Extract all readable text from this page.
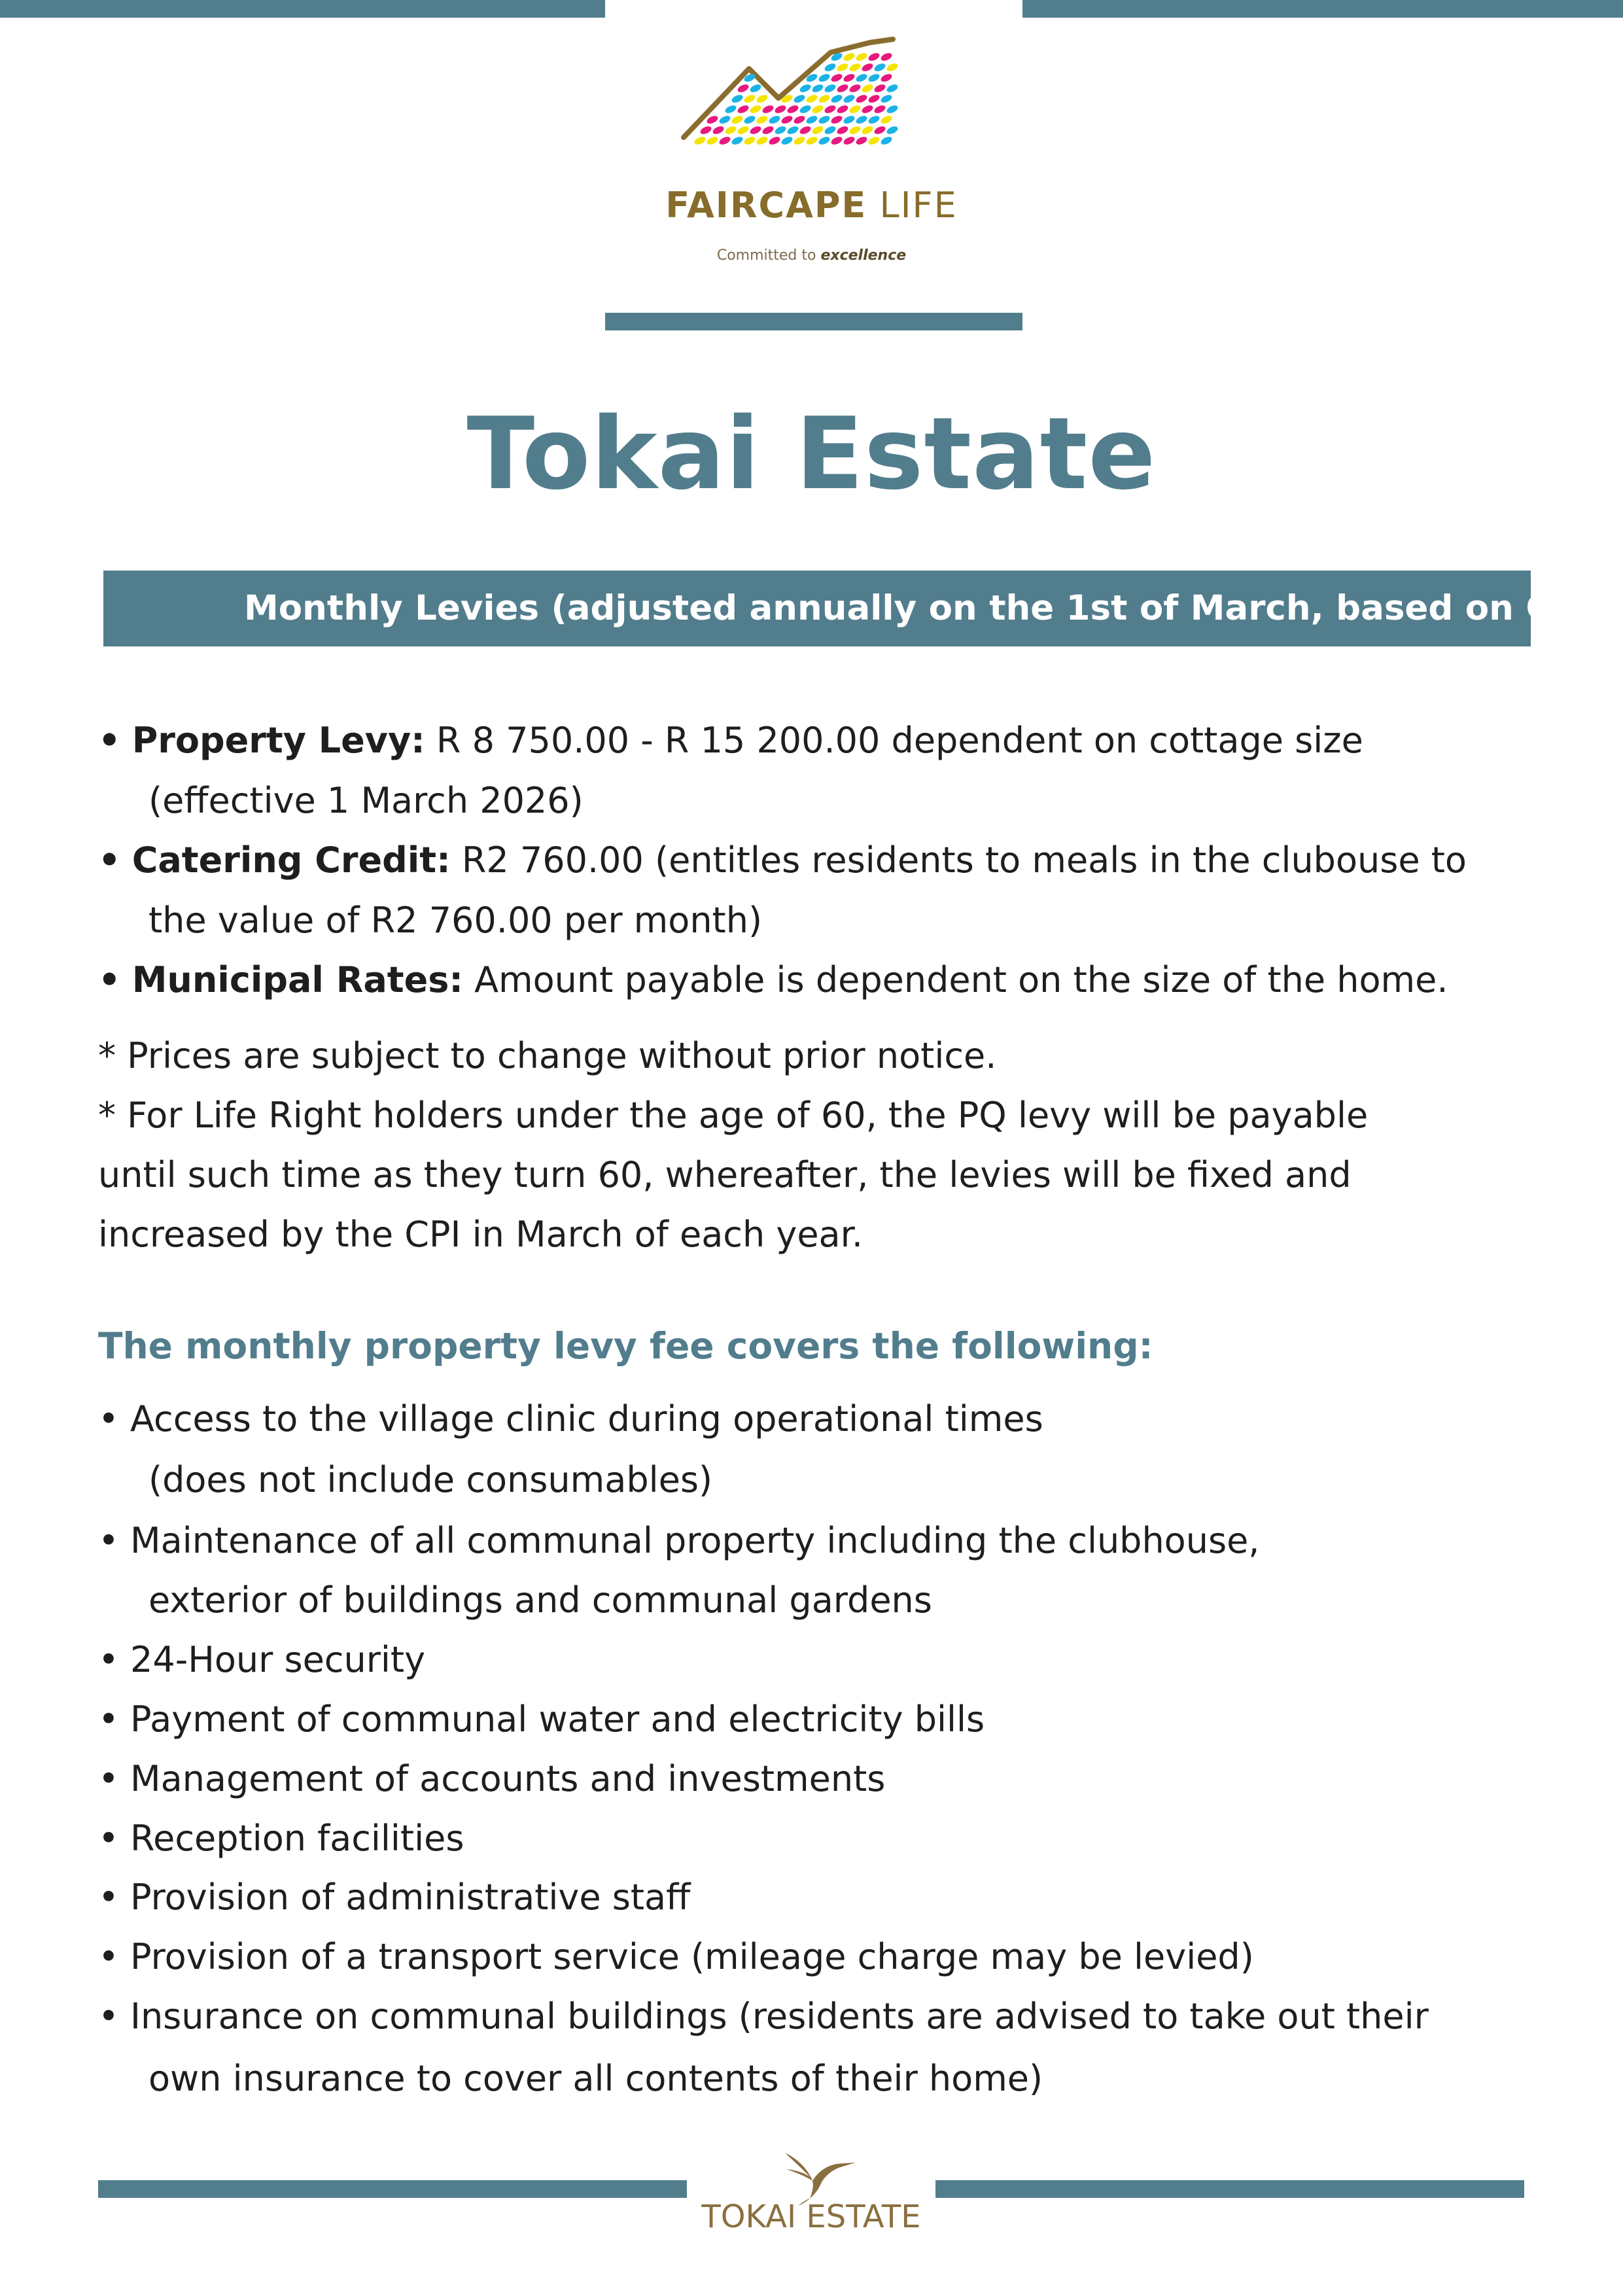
FAIRCAPE LIFE
Committed to excellence
Tokai Estate
Monthly Levies (adjusted annually on the 1st of March, based on CPI)
• Property Levy: R 8 750.00 - R 15 200.00 dependent on cottage size
(effective 1 March 2026)
• Catering Credit: R2 760.00 (entitles residents to meals in the clubouse to
the value of R2 760.00 per month)
• Municipal Rates: Amount payable is dependent on the size of the home.
* Prices are subject to change without prior notice.
* For Life Right holders under the age of 60, the PQ levy will be payable
until such time as they turn 60, whereafter, the levies will be fixed and
increased by the CPI in March of each year.
The monthly property levy fee covers the following:
• Access to the village clinic during operational times
(does not include consumables)
• Maintenance of all communal property including the clubhouse,
exterior of buildings and communal gardens
• 24-Hour security
• Payment of communal water and electricity bills
• Management of accounts and investments
• Reception facilities
• Provision of administrative staff
• Provision of a transport service (mileage charge may be levied)
• Insurance on communal buildings (residents are advised to take out their
own insurance to cover all contents of their home)
TOKAI ESTATE
